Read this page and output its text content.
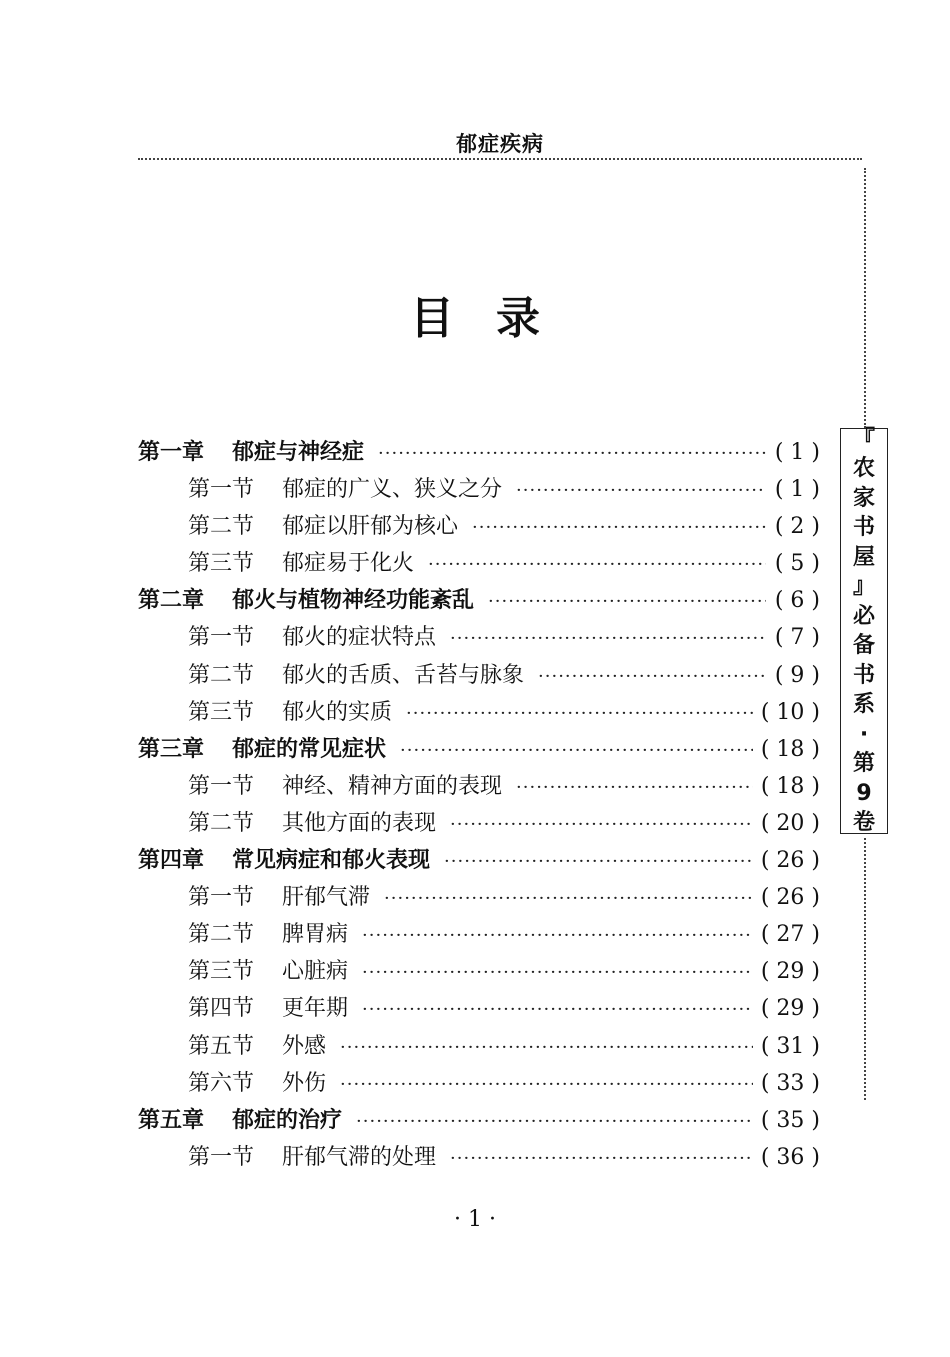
郁症疾病
『
农
家
书
屋
』
必
备
书
系
·
第
9
卷
目录
第一章 郁症与神经症 ·····	( 1 )
第一节 郁症的广义、狭义之分 ·····	( 1 )
第二节 郁症以肝郁为核心 ·····	( 2 )
第三节 郁症易于化火 ·····	( 5 )
第二章 郁火与植物神经功能紊乱 ·····	( 6 )
第一节 郁火的症状特点 ·····	( 7 )
第二节 郁火的舌质、舌苔与脉象 ·····	( 9 )
第三节 郁火的实质 ·····	( 10 )
第三章 郁症的常见症状 ·····	( 18 )
第一节 神经、精神方面的表现 ·····	( 18 )
第二节 其他方面的表现 ·····	( 20 )
第四章 常见病症和郁火表现 ·····	( 26 )
第一节 肝郁气滞 ·····	( 26 )
第二节 脾胃病 ·····	( 27 )
第三节 心脏病 ·····	( 29 )
第四节 更年期 ·····	( 29 )
第五节 外感 ·····	( 31 )
第六节 外伤 ·····	( 33 )
第五章 郁症的治疗 ·····	( 35 )
第一节 肝郁气滞的处理 ·····	( 36 )
· 1 ·
